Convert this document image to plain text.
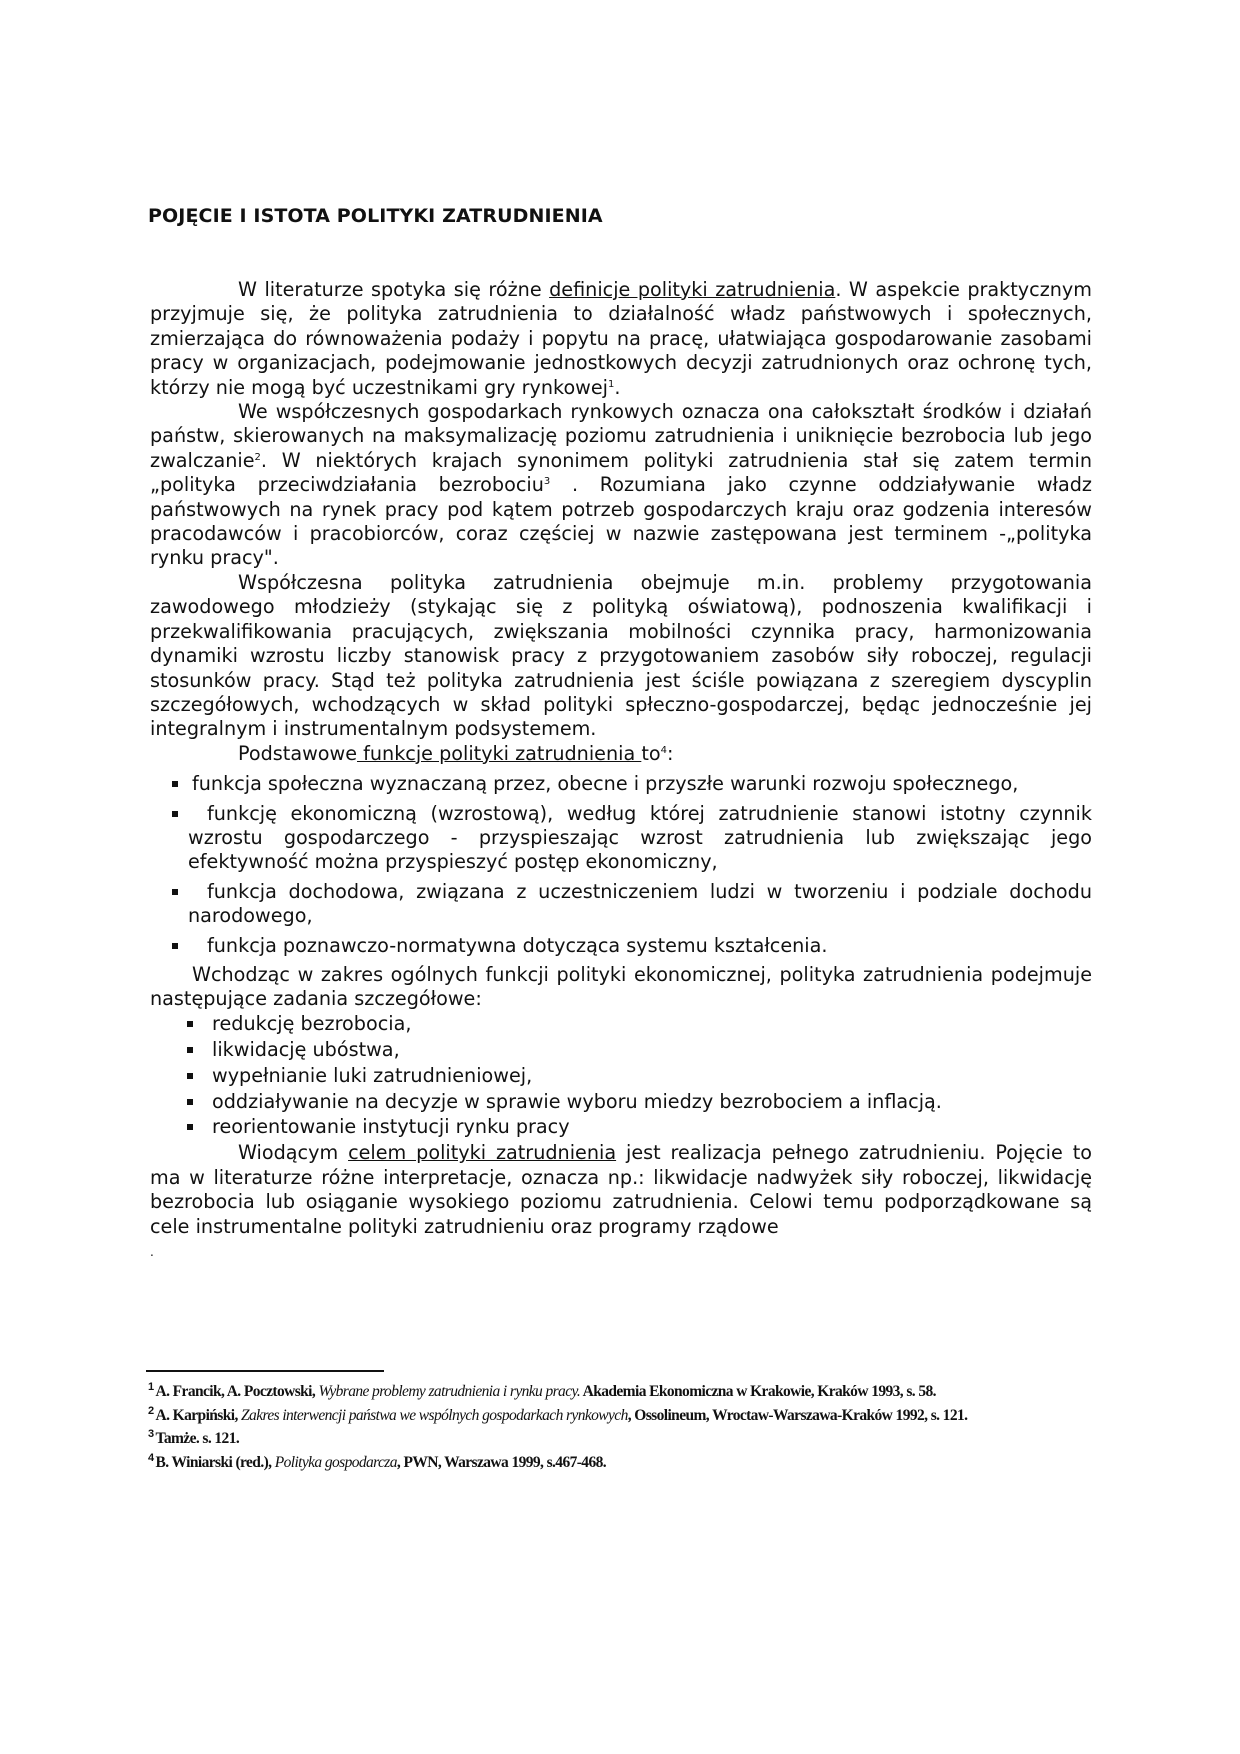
POJĘCIE I ISTOTA POLITYKI ZATRUDNIENIA

W literaturze spotyka się różne definicje polityki zatrudnienia. W aspekcie praktycznym przyjmuje się, że polityka zatrudnienia to działalność władz państwowych i społecznych, zmierzająca do równoważenia podaży i popytu na pracę, ułatwiająca gospodarowanie zasobami pracy w organizacjach, podejmowanie jednostkowych decyzji zatrudnionych oraz ochronę tych, którzy nie mogą być uczestnikami gry rynkowej$^1$.

We współczesnych gospodarkach rynkowych oznacza ona całokształt środków i działań państw, skierowanych na maksymalizację poziomu zatrudnienia i uniknięcie bezrobocia lub jego zwalczanie$^2$. W niektórych krajach synonimem polityki zatrudnienia stał się zatem termin „polityka przeciwdziałania bezrobociu$^3$ . Rozumiana jako czynne oddziaływanie władz państwowych na rynek pracy pod kątem potrzeb gospodarczych kraju oraz godzenia interesów pracodawców i pracobiorców, coraz częściej w nazwie zastępowana jest terminem -„polityka rynku pracy".

Współczesna polityka zatrudnienia obejmuje m.in. problemy przygotowania zawodowego młodzieży (stykając się z polityką oświatową), podnoszenia kwalifikacji i przekwalifikowania pracujących, zwiększania mobilności czynnika pracy, harmonizowania dynamiki wzrostu liczby stanowisk pracy z przygotowaniem zasobów siły roboczej, regulacji stosunków pracy. Stąd też polityka zatrudnienia jest ściśle powiązana z szeregiem dyscyplin szczegółowych, wchodzących w skład polityki spłeczno-gospodarczej, będąc jednocześnie jej integralnym i instrumentalnym podsystemem.

Podstawowe funkcje polityki zatrudnienia $to^4$:

funkcja społeczna wyznaczaną przez, obecne i przyszłe warunki rozwoju społecznego,
funkcję ekonomiczną (wzrostową), według której zatrudnienie stanowi istotny czynnik wzrostu gospodarczego - przyspieszając wzrost zatrudnienia lub zwiększając jego efektywność można przyspieszyć postęp ekonomiczny,
funkcja dochodowa, związana z uczestniczeniem ludzi w tworzeniu i podziale dochodu narodowego,
funkcja poznawczo-normatywna dotycząca systemu kształcenia.

Wchodząc w zakres ogólnych funkcji polityki ekonomicznej, polityka zatrudnienia podejmuje następujące zadania szczegółowe:

redukcję bezrobocia,
likwidację ubóstwa,
wypełnianie luki zatrudnieniowej,
oddziaływanie na decyzje w sprawie wyboru miedzy bezrobociem a inflacją.
reorientowanie instytucji rynku pracy

Wiodącym celem polityki zatrudnienia jest realizacja pełnego zatrudnieniu. Pojęcie to ma w literaturze różne interpretacje, oznacza np.: likwidacje nadwyżek siły roboczej, likwidację bezrobocia lub osiąganie wysokiego poziomu zatrudnienia. Celowi temu podporządkowane są cele instrumentalne polityki zatrudnieniu oraz programy rządowe

.

$^1$ A. Francik, A. Pocztowski, Wybrane problemy zatrudnienia i rynku pracy. Akademia Ekonomiczna w Krakowie, Kraków 1993, s. 58.
$^2$ A. Karpiński, Zakres interwencji państwa we wspólnych gospodarkach rynkowych, Ossolineum, Wroctaw-Warszawa-Kraków 1992, s. 121.
$^3$ Tamże. s. 121.
$^4$ B. Winiarski (red.), Polityka gospodarcza, PWN, Warszawa 1999, s.467-468.
